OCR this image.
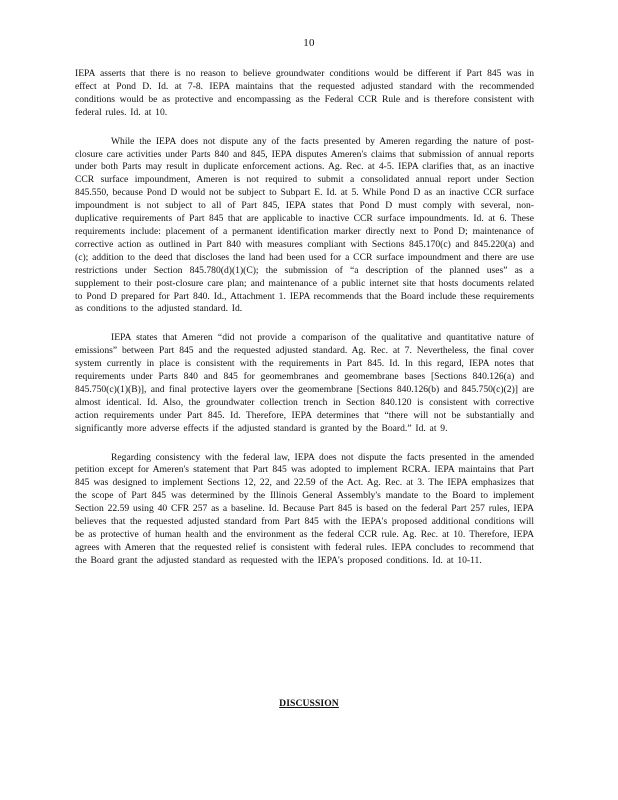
10

IEPA asserts that there is no reason to believe groundwater conditions would be different if Part 845 was in effect at Pond D. Id. at 7-8. IEPA maintains that the requested adjusted standard with the recommended conditions would be as protective and encompassing as the Federal CCR Rule and is therefore consistent with federal rules. Id. at 10.

While the IEPA does not dispute any of the facts presented by Ameren regarding the nature of post-closure care activities under Parts 840 and 845, IEPA disputes Ameren's claims that submission of annual reports under both Parts may result in duplicate enforcement actions. Ag. Rec. at 4-5. IEPA clarifies that, as an inactive CCR surface impoundment, Ameren is not required to submit a consolidated annual report under Section 845.550, because Pond D would not be subject to Subpart E. Id. at 5. While Pond D as an inactive CCR surface impoundment is not subject to all of Part 845, IEPA states that Pond D must comply with several, non-duplicative requirements of Part 845 that are applicable to inactive CCR surface impoundments. Id. at 6. These requirements include: placement of a permanent identification marker directly next to Pond D; maintenance of corrective action as outlined in Part 840 with measures compliant with Sections 845.170(c) and 845.220(a) and (c); addition to the deed that discloses the land had been used for a CCR surface impoundment and there are use restrictions under Section 845.780(d)(1)(C); the submission of “a description of the planned uses” as a supplement to their post-closure care plan; and maintenance of a public internet site that hosts documents related to Pond D prepared for Part 840. Id., Attachment 1. IEPA recommends that the Board include these requirements as conditions to the adjusted standard. Id.

IEPA states that Ameren “did not provide a comparison of the qualitative and quantitative nature of emissions” between Part 845 and the requested adjusted standard. Ag. Rec. at 7. Nevertheless, the final cover system currently in place is consistent with the requirements in Part 845. Id. In this regard, IEPA notes that requirements under Parts 840 and 845 for geomembranes and geomembrane bases [Sections 840.126(a) and 845.750(c)(1)(B)], and final protective layers over the geomembrane [Sections 840.126(b) and 845.750(c)(2)] are almost identical. Id. Also, the groundwater collection trench in Section 840.120 is consistent with corrective action requirements under Part 845. Id. Therefore, IEPA determines that “there will not be substantially and significantly more adverse effects if the adjusted standard is granted by the Board.” Id. at 9.

Regarding consistency with the federal law, IEPA does not dispute the facts presented in the amended petition except for Ameren's statement that Part 845 was adopted to implement RCRA. IEPA maintains that Part 845 was designed to implement Sections 12, 22, and 22.59 of the Act. Ag. Rec. at 3. The IEPA emphasizes that the scope of Part 845 was determined by the Illinois General Assembly's mandate to the Board to implement Section 22.59 using 40 CFR 257 as a baseline. Id. Because Part 845 is based on the federal Part 257 rules, IEPA believes that the requested adjusted standard from Part 845 with the IEPA's proposed additional conditions will be as protective of human health and the environment as the federal CCR rule. Ag. Rec. at 10. Therefore, IEPA agrees with Ameren that the requested relief is consistent with federal rules. IEPA concludes to recommend that the Board grant the adjusted standard as requested with the IEPA's proposed conditions. Id. at 10-11.

DISCUSSION
